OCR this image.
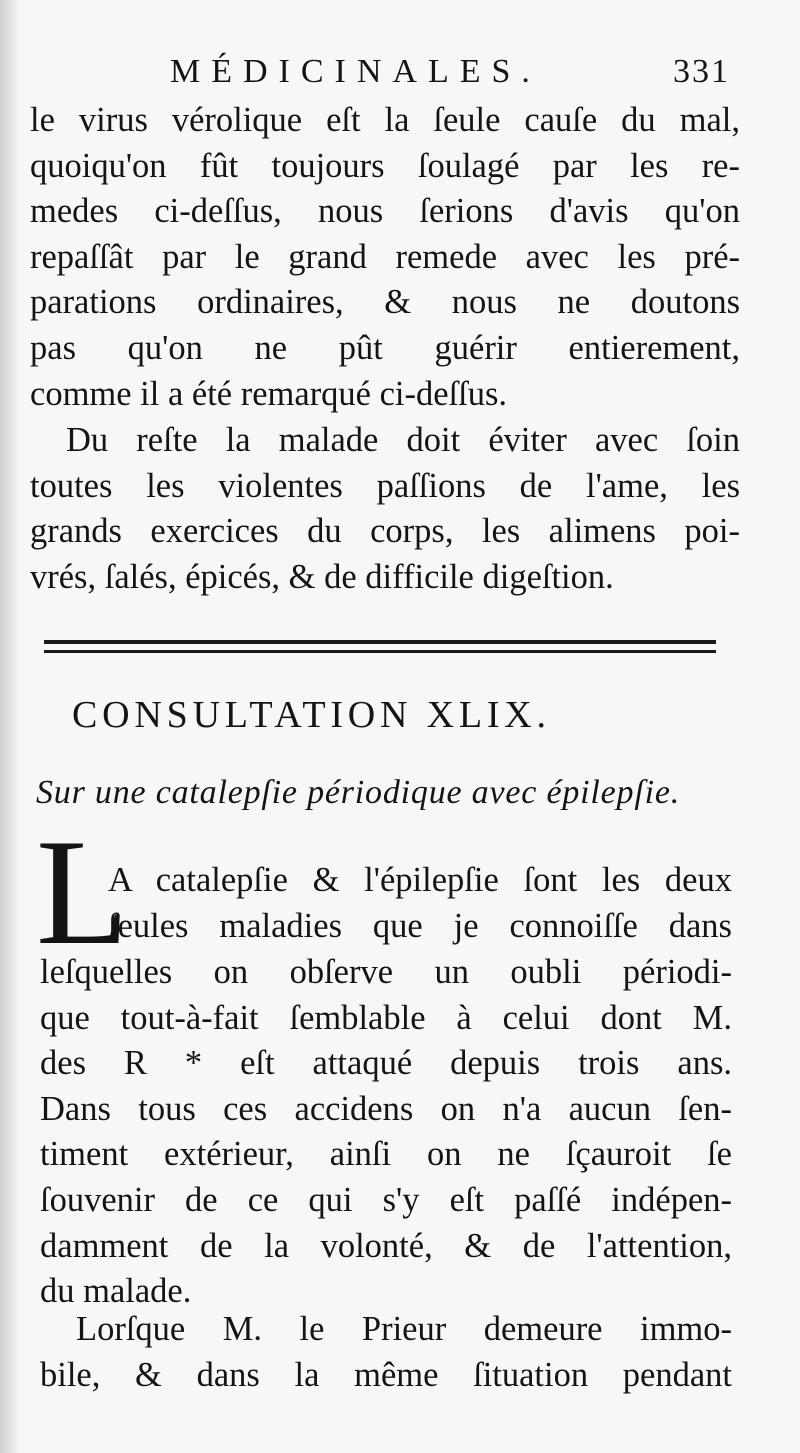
MÉDICINALES.	331
le virus vérolique eſt la ſeule cauſe du mal,
quoiqu'on fût toujours ſoulagé par les re-
medes ci-deſſus, nous ſerions d'avis qu'on
repaſſât par le grand remede avec les pré-
parations ordinaires, & nous ne doutons
pas qu'on ne pût guérir entierement,
comme il a été remarqué ci-deſſus.
Du reſte la malade doit éviter avec ſoin
toutes les violentes paſſions de l'ame, les
grands exercices du corps, les alimens poi-
vrés, ſalés, épicés, & de difficile digeſtion.
CONSULTATION XLIX.
Sur une catalepſie périodique avec épilepſie.
L
A catalepſie & l'épilepſie ſont les deux
ſeules maladies que je connoiſſe dans
leſquelles on obſerve un oubli périodi-
que tout-à-fait ſemblable à celui dont M.
des R * eſt attaqué depuis trois ans.
Dans tous ces accidens on n'a aucun ſen-
timent extérieur, ainſi on ne ſçauroit ſe
ſouvenir de ce qui s'y eſt paſſé indépen-
damment de la volonté, & de l'attention,
du malade.
Lorſque M. le Prieur demeure immo-
bile, & dans la même ſituation pendant
